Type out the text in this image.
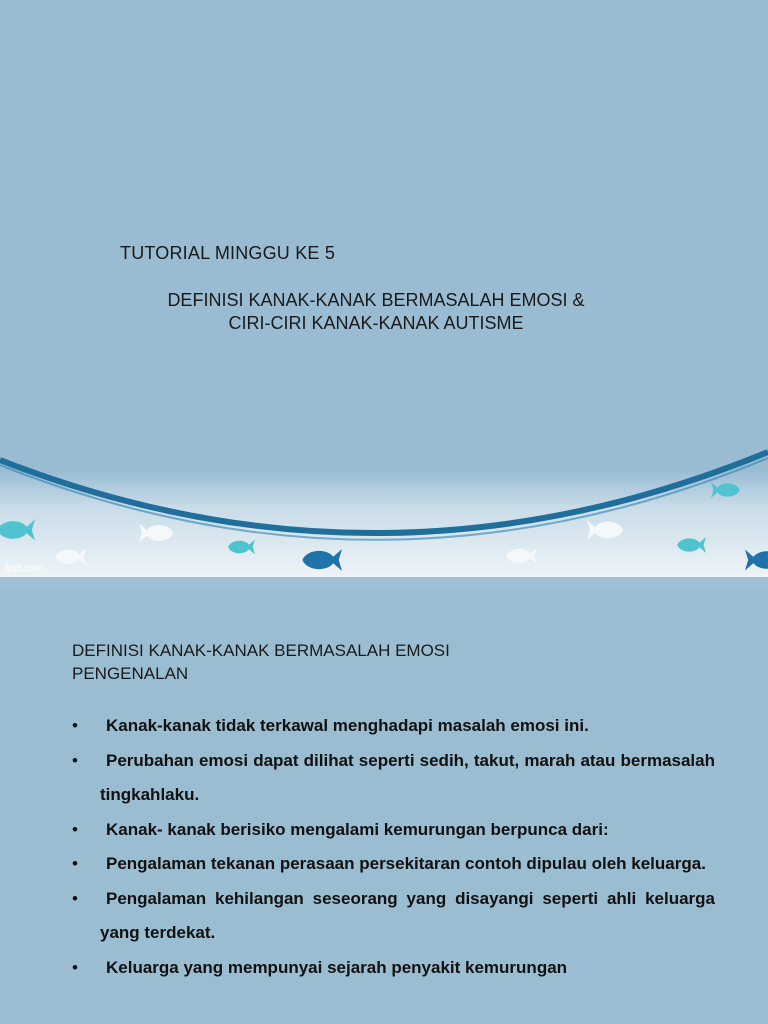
TUTORIAL MINGGU KE 5
DEFINISI KANAK-KANAK BERMASALAH EMOSI &
CIRI-CIRI KANAK-KANAK AUTISME
fppt.com
DEFINISI KANAK-KANAK BERMASALAH EMOSI
PENGENALAN
• Kanak-kanak tidak terkawal menghadapi masalah emosi ini.
• Perubahan emosi dapat dilihat seperti sedih, takut, marah atau bermasalah tingkahlaku.
• Kanak- kanak berisiko mengalami kemurungan berpunca dari:
• Pengalaman tekanan perasaan persekitaran contoh dipulau oleh keluarga.
• Pengalaman kehilangan seseorang yang disayangi seperti ahli keluarga yang terdekat.
• Keluarga yang mempunyai sejarah penyakit kemurungan
